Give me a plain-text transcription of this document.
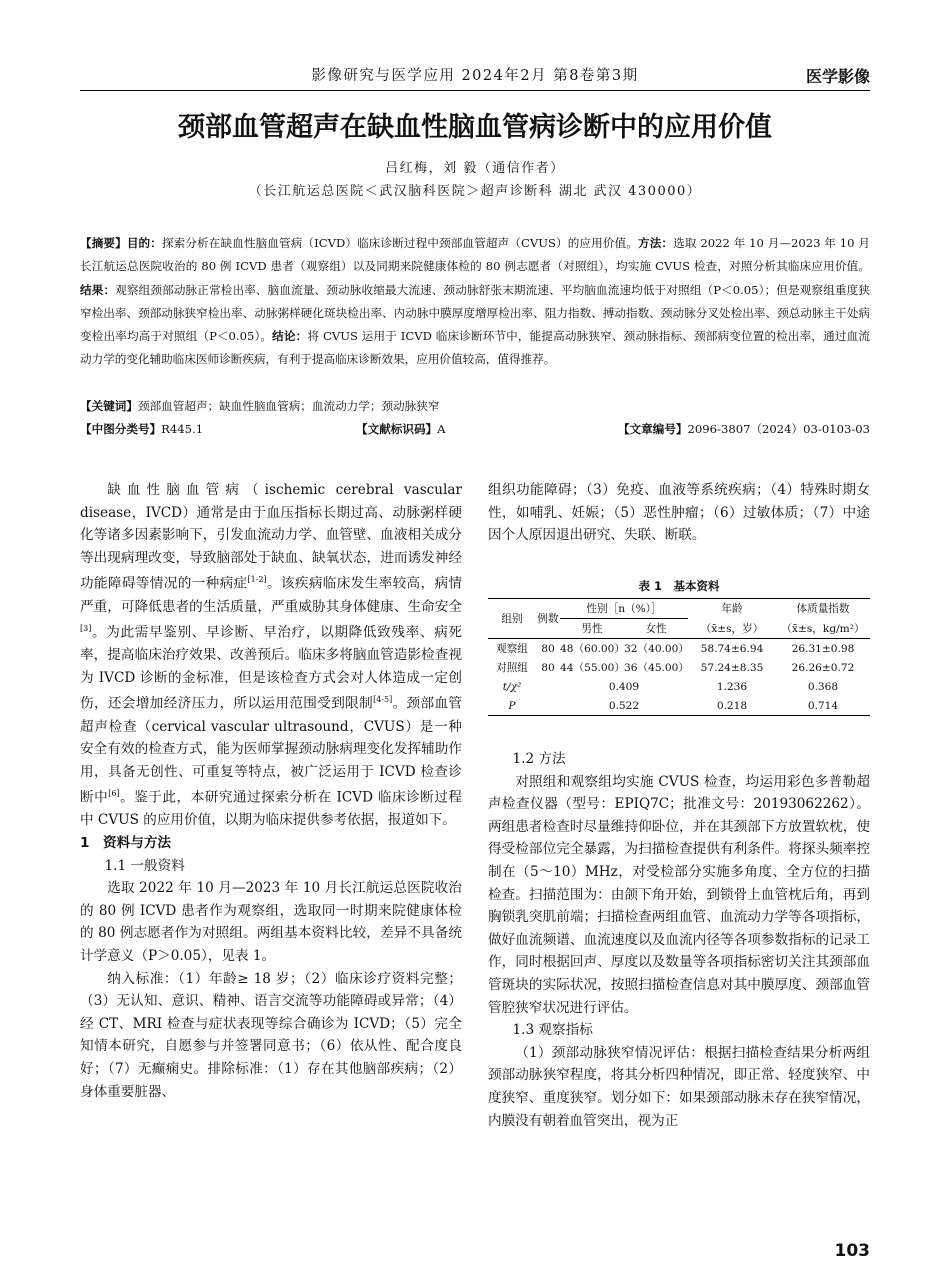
影像研究与医学应用 2024年2月 第8卷第3期	医学影像
颈部血管超声在缺血性脑血管病诊断中的应用价值
吕红梅，刘 毅（通信作者）
（长江航运总医院＜武汉脑科医院＞超声诊断科 湖北 武汉 430000）
【摘要】目的：探索分析在缺血性脑血管病（ICVD）临床诊断过程中颈部血管超声（CVUS）的应用价值。方法：选取 2022 年 10 月—2023 年 10 月长江航运总医院收治的 80 例 ICVD 患者（观察组）以及同期来院健康体检的 80 例志愿者（对照组），均实施 CVUS 检查，对照分析其临床应用价值。结果：观察组颈部动脉正常检出率、脑血流量、颈动脉收缩最大流速、颈动脉舒张末期流速、平均脑血流速均低于对照组（P＜0.05）；但是观察组重度狭窄检出率、颈部动脉狭窄检出率、动脉粥样硬化斑块检出率、内动脉中膜厚度增厚检出率、阻力指数、搏动指数、颈动脉分叉处检出率、颈总动脉主干处病变检出率均高于对照组（P＜0.05）。结论：将 CVUS 运用于 ICVD 临床诊断环节中，能提高动脉狭窄、颈动脉指标、颈部病变位置的检出率，通过血流动力学的变化辅助临床医师诊断疾病，有利于提高临床诊断效果，应用价值较高，值得推荐。
【关键词】颈部血管超声；缺血性脑血管病；血流动力学；颈动脉狭窄
【中图分类号】R445.1	【文献标识码】A	【文章编号】2096-3807（2024）03-0103-03

缺血性脑血管病（ischemic cerebral vascular disease，IVCD）通常是由于血压指标长期过高、动脉粥样硬化等诸多因素影响下，引发血流动力学、血管壁、血液相关成分等出现病理改变，导致脑部处于缺血、缺氧状态，进而诱发神经功能障碍等情况的一种病症[1-2]。该疾病临床发生率较高，病情严重，可降低患者的生活质量，严重威胁其身体健康、生命安全[3]。为此需早鉴别、早诊断、早治疗，以期降低致残率、病死率，提高临床治疗效果、改善预后。临床多将脑血管造影检查视为 IVCD 诊断的金标准，但是该检查方式会对人体造成一定创伤，还会增加经济压力，所以运用范围受到限制[4-5]。颈部血管超声检查（cervical vascular ultrasound，CVUS）是一种安全有效的检查方式，能为医师掌握颈动脉病理变化发挥辅助作用，具备无创性、可重复等特点，被广泛运用于 ICVD 检查诊断中[6]。鉴于此，本研究通过探索分析在 ICVD 临床诊断过程中 CVUS 的应用价值，以期为临床提供参考依据，报道如下。

1　资料与方法

1.1 一般资料

选取 2022 年 10 月—2023 年 10 月长江航运总医院收治的 80 例 ICVD 患者作为观察组，选取同一时期来院健康体检的 80 例志愿者作为对照组。两组基本资料比较，差异不具备统计学意义（P＞0.05），见表 1。

纳入标准：（1）年龄≥ 18 岁；（2）临床诊疗资料完整；（3）无认知、意识、精神、语言交流等功能障碍或异常；（4）经 CT、MRI 检查与症状表现等综合确诊为 ICVD；（5）完全知情本研究，自愿参与并签署同意书；（6）依从性、配合度良好；（7）无癫痫史。排除标准：（1）存在其他脑部疾病；（2）身体重要脏器、

组织功能障碍；（3）免疫、血液等系统疾病；（4）特殊时期女性，如哺乳、妊娠；（5）恶性肿瘤；（6）过敏体质；（7）中途因个人原因退出研究、失联、断联。

表 1　基本资料
组别	例数	性别［n（%）］		年龄	体质量指数
		男性	女性	（x̄±s，岁）	（x̄±s，kg/m²）
观察组	80	48（60.00）	32（40.00）	58.74±6.94	26.31±0.98
对照组	80	44（55.00）	36（45.00）	57.24±8.35	26.26±0.72
t/χ²		0.409		1.236	0.368
P		0.522		0.218	0.714

1.2 方法

对照组和观察组均实施 CVUS 检查，均运用彩色多普勒超声检查仪器（型号：EPIQ7C；批准文号：20193062262）。两组患者检查时尽量维持仰卧位，并在其颈部下方放置软枕，使得受检部位完全暴露，为扫描检查提供有利条件。将探头频率控制在（5～10）MHz，对受检部分实施多角度、全方位的扫描检查。扫描范围为：由颌下角开始，到锁骨上血管枕后角，再到胸锁乳突肌前端；扫描检查两组血管、血流动力学等各项指标，做好血流频谱、血流速度以及血流内径等各项参数指标的记录工作，同时根据回声、厚度以及数量等各项指标密切关注其颈部血管斑块的实际状况，按照扫描检查信息对其中膜厚度、颈部血管管腔狭窄状况进行评估。

1.3 观察指标

（1）颈部动脉狭窄情况评估：根据扫描检查结果分析两组颈部动脉狭窄程度，将其分析四种情况，即正常、轻度狭窄、中度狭窄、重度狭窄。划分如下：如果颈部动脉未存在狭窄情况，内膜没有朝着血管突出，视为正

103
